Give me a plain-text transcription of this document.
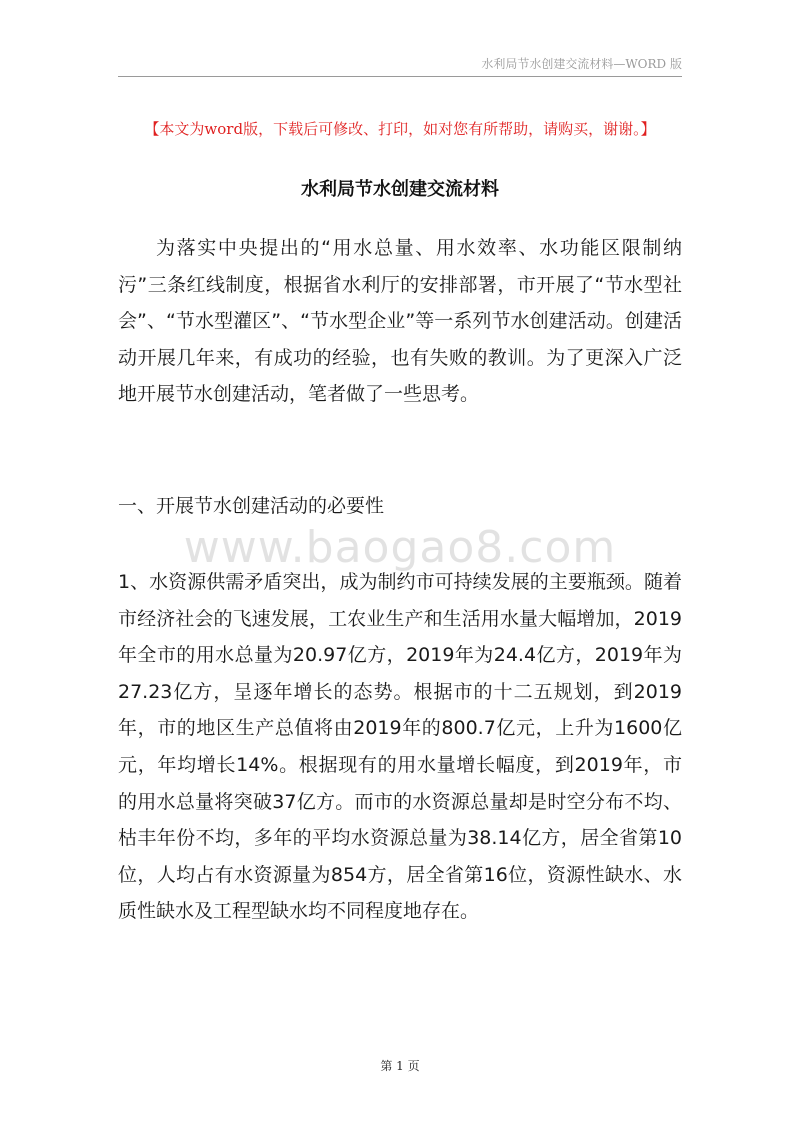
水利局节水创建交流材料—WORD 版
【本文为word版，下载后可修改、打印，如对您有所帮助，请购买，谢谢。】
水利局节水创建交流材料
为落实中央提出的“用水总量、用水效率、水功能区限制纳污”三条红线制度，根据省水利厅的安排部署，市开展了“节水型社会”、“节水型灌区”、“节水型企业”等一系列节水创建活动。创建活动开展几年来，有成功的经验，也有失败的教训。为了更深入广泛地开展节水创建活动，笔者做了一些思考。
一、开展节水创建活动的必要性
www.baogao8.com
1、水资源供需矛盾突出，成为制约市可持续发展的主要瓶颈。随着市经济社会的飞速发展，工农业生产和生活用水量大幅增加，2019年全市的用水总量为20.97亿方，2019年为24.4亿方，2019年为27.23亿方，呈逐年增长的态势。根据市的十二五规划，到2019年，市的地区生产总值将由2019年的800.7亿元，上升为1600亿元，年均增长14%。根据现有的用水量增长幅度，到2019年，市的用水总量将突破37亿方。而市的水资源总量却是时空分布不均、枯丰年份不均，多年的平均水资源总量为38.14亿方，居全省第10位，人均占有水资源量为854方，居全省第16位，资源性缺水、水质性缺水及工程型缺水均不同程度地存在。
第 1 页
